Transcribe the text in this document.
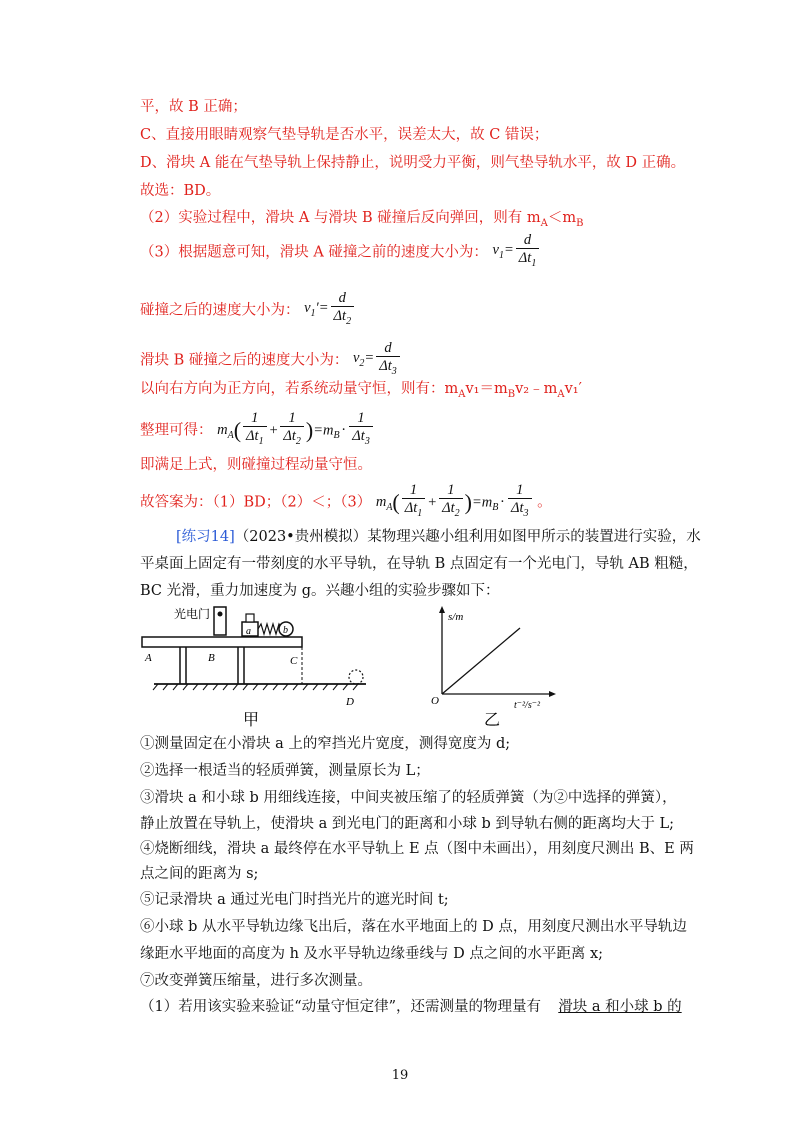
平，故 B 正确；
C、直接用眼睛观察气垫导轨是否水平，误差太大，故 C 错误；
D、滑块 A 能在气垫导轨上保持静止，说明受力平衡，则气垫导轨水平，故 D 正确。
故选：BD。
（2）实验过程中，滑块 A 与滑块 B 碰撞后反向弹回，则有 $m_A<m_B$
（3）根据题意可知，滑块 A 碰撞之前的速度大小为： $v_1= \frac{d}{\Delta t_1}$
碰撞之后的速度大小为： $v_1'= \frac{d}{\Delta t_2}$
滑块 B 碰撞之后的速度大小为： $v_2= \frac{d}{\Delta t_3}$
以向右方向为正方向，若系统动量守恒，则有：$m_Av_1=m_Bv_2﹣m_Av_1'$
整理可得： $m_A( \frac{1}{\Delta t_1} + \frac{1}{\Delta t_2} )=m_B \cdot \frac{1}{\Delta t_3}$
即满足上式，则碰撞过程动量守恒。
故答案为：（1）BD；（2）＜；（3） $m_A( \frac{1}{\Delta t_1} + \frac{1}{\Delta t_2} )=m_B \cdot \frac{1}{\Delta t_3}$ 。
[练习14]（2023•贵州模拟）某物理兴趣小组利用如图甲所示的装置进行实验，水
平桌面上固定有一带刻度的水平导轨，在导轨 B 点固定有一个光电门，导轨 AB 粗糙，
BC 光滑，重力加速度为 g。兴趣小组的实验步骤如下：
光电门
a	b
A	B	C
D
甲
s/m
t⁻²/s⁻²
O
乙
①测量固定在小滑块 a 上的窄挡光片宽度，测得宽度为 d;
②选择一根适当的轻质弹簧，测量原长为 L；
③滑块 a 和小球 b 用细线连接，中间夹被压缩了的轻质弹簧（为②中选择的弹簧），
静止放置在导轨上，使滑块 a 到光电门的距离和小球 b 到导轨右侧的距离均大于 L;
④烧断细线，滑块 a 最终停在水平导轨上 E 点（图中未画出），用刻度尺测出 B、E 两
点之间的距离为 s;
⑤记录滑块 a 通过光电门时挡光片的遮光时间 t;
⑥小球 b 从水平导轨边缘飞出后，落在水平地面上的 D 点，用刻度尺测出水平导轨边
缘距水平地面的高度为 h 及水平导轨边缘垂线与 D 点之间的水平距离 x;
⑦改变弹簧压缩量，进行多次测量。
（1）若用该实验来验证“动量守恒定律”，还需测量的物理量有 滑块 a 和小球 b 的
19
